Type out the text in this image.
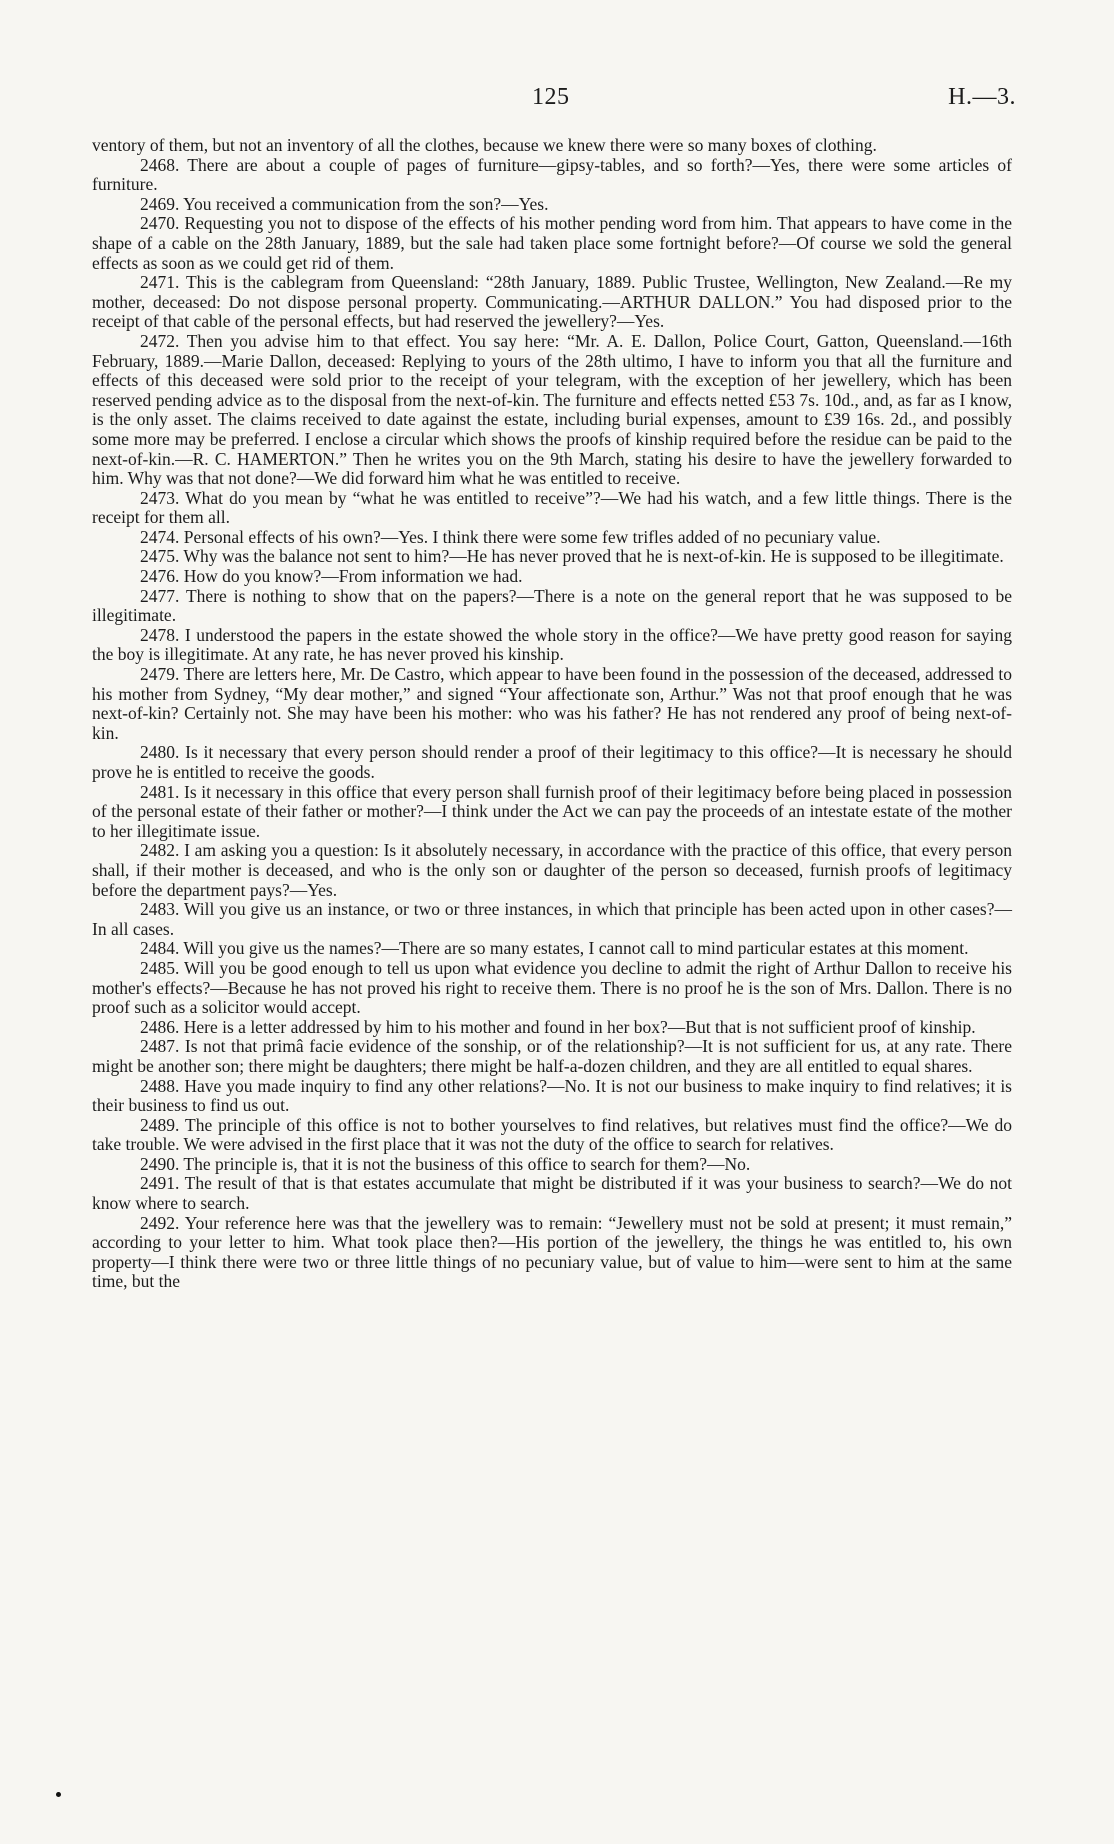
125	H.—3.

ventory of them, but not an inventory of all the clothes, because we knew there were so many boxes of clothing.

2468. There are about a couple of pages of furniture—gipsy-tables, and so forth?—Yes, there were some articles of furniture.

2469. You received a communication from the son?—Yes.

2470. Requesting you not to dispose of the effects of his mother pending word from him. That appears to have come in the shape of a cable on the 28th January, 1889, but the sale had taken place some fortnight before?—Of course we sold the general effects as soon as we could get rid of them.

2471. This is the cablegram from Queensland: “28th January, 1889. Public Trustee, Wellington, New Zealand.—Re my mother, deceased: Do not dispose personal property. Communicating.—ARTHUR DALLON.” You had disposed prior to the receipt of that cable of the personal effects, but had reserved the jewellery?—Yes.

2472. Then you advise him to that effect. You say here: “Mr. A. E. Dallon, Police Court, Gatton, Queensland.—16th February, 1889.—Marie Dallon, deceased: Replying to yours of the 28th ultimo, I have to inform you that all the furniture and effects of this deceased were sold prior to the receipt of your telegram, with the exception of her jewellery, which has been reserved pending advice as to the disposal from the next-of-kin. The furniture and effects netted £53 7s. 10d., and, as far as I know, is the only asset. The claims received to date against the estate, including burial expenses, amount to £39 16s. 2d., and possibly some more may be preferred. I enclose a circular which shows the proofs of kinship required before the residue can be paid to the next-of-kin.—R. C. HAMERTON.” Then he writes you on the 9th March, stating his desire to have the jewellery forwarded to him. Why was that not done?—We did forward him what he was entitled to receive.

2473. What do you mean by “what he was entitled to receive”?—We had his watch, and a few little things. There is the receipt for them all.

2474. Personal effects of his own?—Yes. I think there were some few trifles added of no pecuniary value.

2475. Why was the balance not sent to him?—He has never proved that he is next-of-kin. He is supposed to be illegitimate.

2476. How do you know?—From information we had.

2477. There is nothing to show that on the papers?—There is a note on the general report that he was supposed to be illegitimate.

2478. I understood the papers in the estate showed the whole story in the office?—We have pretty good reason for saying the boy is illegitimate. At any rate, he has never proved his kinship.

2479. There are letters here, Mr. De Castro, which appear to have been found in the possession of the deceased, addressed to his mother from Sydney, “My dear mother,” and signed “Your affectionate son, Arthur.” Was not that proof enough that he was next-of-kin? Certainly not. She may have been his mother: who was his father? He has not rendered any proof of being next-of-kin.

2480. Is it necessary that every person should render a proof of their legitimacy to this office?—It is necessary he should prove he is entitled to receive the goods.

2481. Is it necessary in this office that every person shall furnish proof of their legitimacy before being placed in possession of the personal estate of their father or mother?—I think under the Act we can pay the proceeds of an intestate estate of the mother to her illegitimate issue.

2482. I am asking you a question: Is it absolutely necessary, in accordance with the practice of this office, that every person shall, if their mother is deceased, and who is the only son or daughter of the person so deceased, furnish proofs of legitimacy before the department pays?—Yes.

2483. Will you give us an instance, or two or three instances, in which that principle has been acted upon in other cases?—In all cases.

2484. Will you give us the names?—There are so many estates, I cannot call to mind particular estates at this moment.

2485. Will you be good enough to tell us upon what evidence you decline to admit the right of Arthur Dallon to receive his mother's effects?—Because he has not proved his right to receive them. There is no proof he is the son of Mrs. Dallon. There is no proof such as a solicitor would accept.

2486. Here is a letter addressed by him to his mother and found in her box?—But that is not sufficient proof of kinship.

2487. Is not that primâ facie evidence of the sonship, or of the relationship?—It is not sufficient for us, at any rate. There might be another son; there might be daughters; there might be half-a-dozen children, and they are all entitled to equal shares.

2488. Have you made inquiry to find any other relations?—No. It is not our business to make inquiry to find relatives; it is their business to find us out.

2489. The principle of this office is not to bother yourselves to find relatives, but relatives must find the office?—We do take trouble. We were advised in the first place that it was not the duty of the office to search for relatives.

2490. The principle is, that it is not the business of this office to search for them?—No.

2491. The result of that is that estates accumulate that might be distributed if it was your business to search?—We do not know where to search.

2492. Your reference here was that the jewellery was to remain: “Jewellery must not be sold at present; it must remain,” according to your letter to him. What took place then?—His portion of the jewellery, the things he was entitled to, his own property—I think there were two or three little things of no pecuniary value, but of value to him—were sent to him at the same time, but the
